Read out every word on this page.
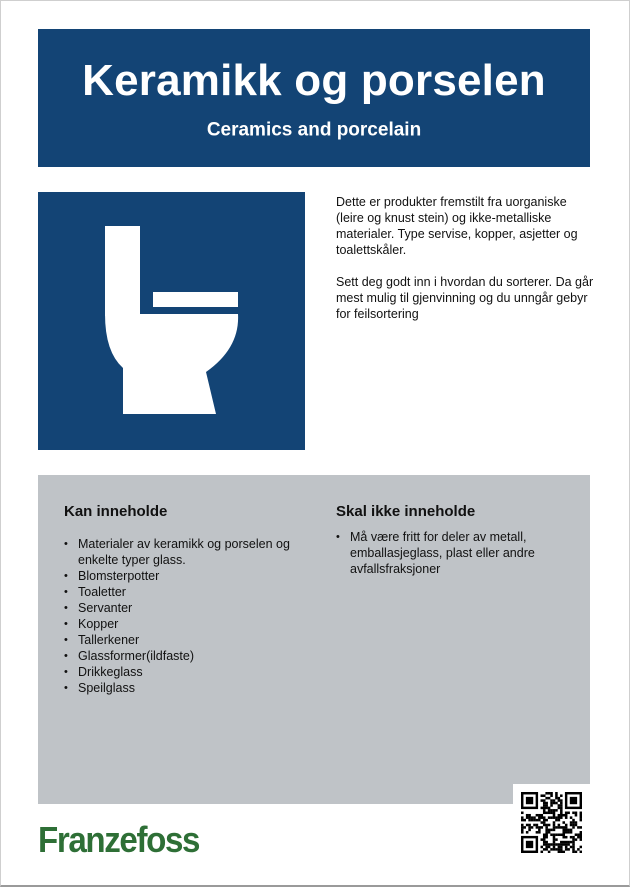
Keramikk og porselen
Ceramics and porcelain

Dette er produkter fremstilt fra uorganiske (leire og knust stein) og ikke-metalliske materialer. Type servise, kopper, asjetter og toalettskåler.

Sett deg godt inn i hvordan du sorterer. Da går mest mulig til gjenvinning og du unngår gebyr for feilsortering

Kan inneholde
• Materialer av keramikk og porselen og enkelte typer glass.
• Blomsterpotter
• Toaletter
• Servanter
• Kopper
• Tallerkener
• Glassformer(ildfaste)
• Drikkeglass
• Speilglass
Skal ikke inneholde
• Må være fritt for deler av metall, emballasjeglass, plast eller andre avfallsfraksjoner
Franzefoss
